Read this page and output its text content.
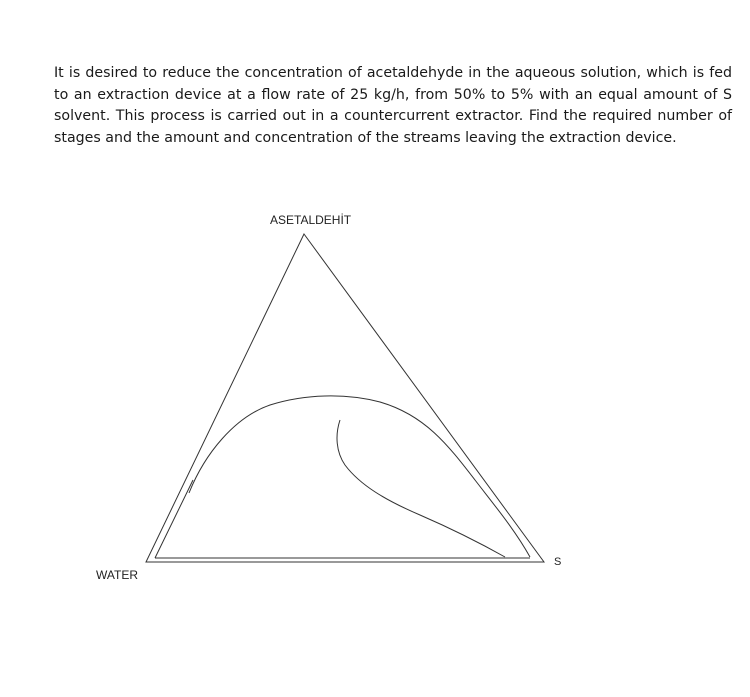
It is desired to reduce the concentration of acetaldehyde in the aqueous solution, which is fed to an extraction device at a flow rate of 25 kg/h, from 50% to 5% with an equal amount of S solvent. This process is carried out in a countercurrent extractor. Find the required number of stages and the amount and concentration of the streams leaving the extraction device.

ASETALDEHİT
WATER
S
